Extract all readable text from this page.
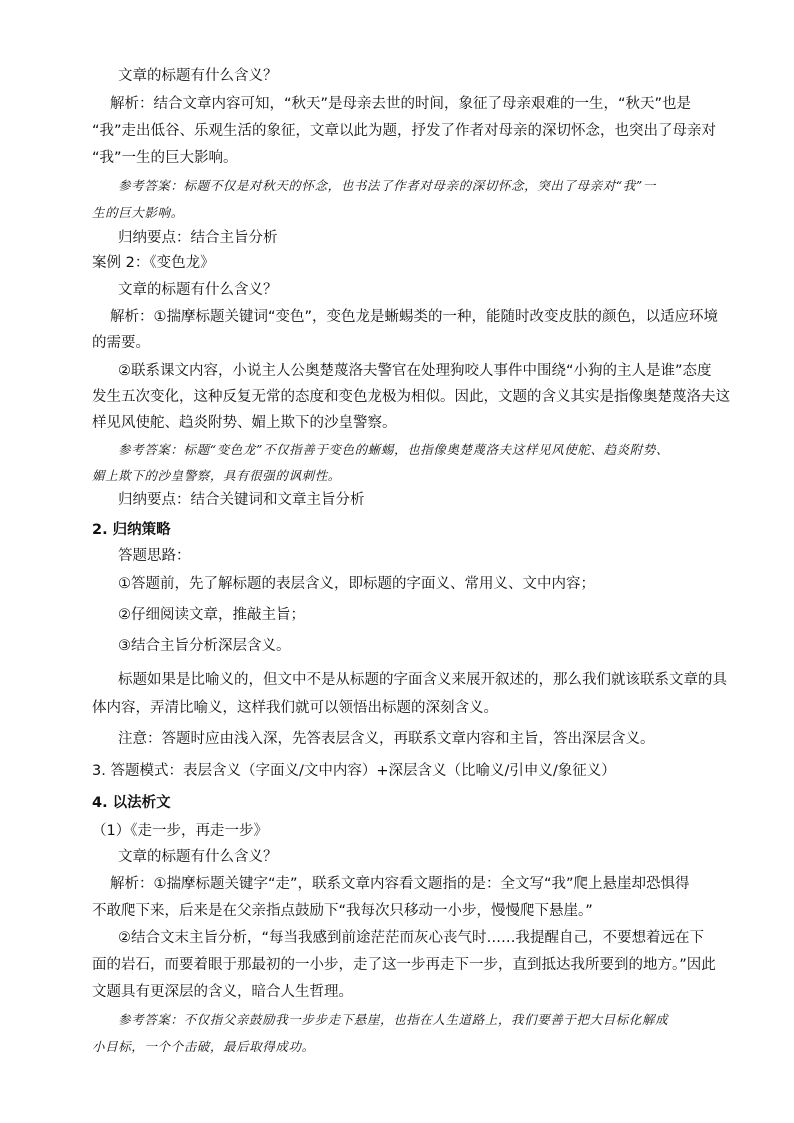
文章的标题有什么含义？
解析：结合文章内容可知，“秋天”是母亲去世的时间，象征了母亲艰难的一生，“秋天”也是
“我”走出低谷、乐观生活的象征，文章以此为题，抒发了作者对母亲的深切怀念，也突出了母亲对
“我”一生的巨大影响。
参考答案：标题不仅是对秋天的怀念，也书法了作者对母亲的深切怀念，突出了母亲对“我”一
生的巨大影响。
归纳要点：结合主旨分析
案例 2：《变色龙》
文章的标题有什么含义？
解析：①揣摩标题关键词“变色”，变色龙是蜥蜴类的一种，能随时改变皮肤的颜色，以适应环境
的需要。
②联系课文内容，小说主人公奥楚蔑洛夫警官在处理狗咬人事件中围绕“小狗的主人是谁”态度
发生五次变化，这种反复无常的态度和变色龙极为相似。因此，文题的含义其实是指像奥楚蔑洛夫这
样见风使舵、趋炎附势、媚上欺下的沙皇警察。
参考答案：标题“变色龙”不仅指善于变色的蜥蜴，也指像奥楚蔑洛夫这样见风使舵、趋炎附势、
媚上欺下的沙皇警察，具有很强的讽刺性。
归纳要点：结合关键词和文章主旨分析
2. 归纳策略
答题思路：
①答题前，先了解标题的表层含义，即标题的字面义、常用义、文中内容；
②仔细阅读文章，推敲主旨；
③结合主旨分析深层含义。
标题如果是比喻义的，但文中不是从标题的字面含义来展开叙述的，那么我们就该联系文章的具
体内容，弄清比喻义，这样我们就可以领悟出标题的深刻含义。
注意：答题时应由浅入深，先答表层含义，再联系文章内容和主旨，答出深层含义。
3. 答题模式：表层含义（字面义/文中内容）+深层含义（比喻义/引申义/象征义）
4. 以法析文
（1）《走一步，再走一步》
文章的标题有什么含义？
解析：①揣摩标题关键字“走”，联系文章内容看文题指的是：全文写“我”爬上悬崖却恐惧得
不敢爬下来，后来是在父亲指点鼓励下“我每次只移动一小步，慢慢爬下悬崖。”
②结合文末主旨分析，“每当我感到前途茫茫而灰心丧气时……我提醒自己，不要想着远在下
面的岩石，而要着眼于那最初的一小步，走了这一步再走下一步，直到抵达我所要到的地方。”因此
文题具有更深层的含义，暗合人生哲理。
参考答案：不仅指父亲鼓励我一步步走下悬崖，也指在人生道路上，我们要善于把大目标化解成
小目标，一个个击破，最后取得成功。
